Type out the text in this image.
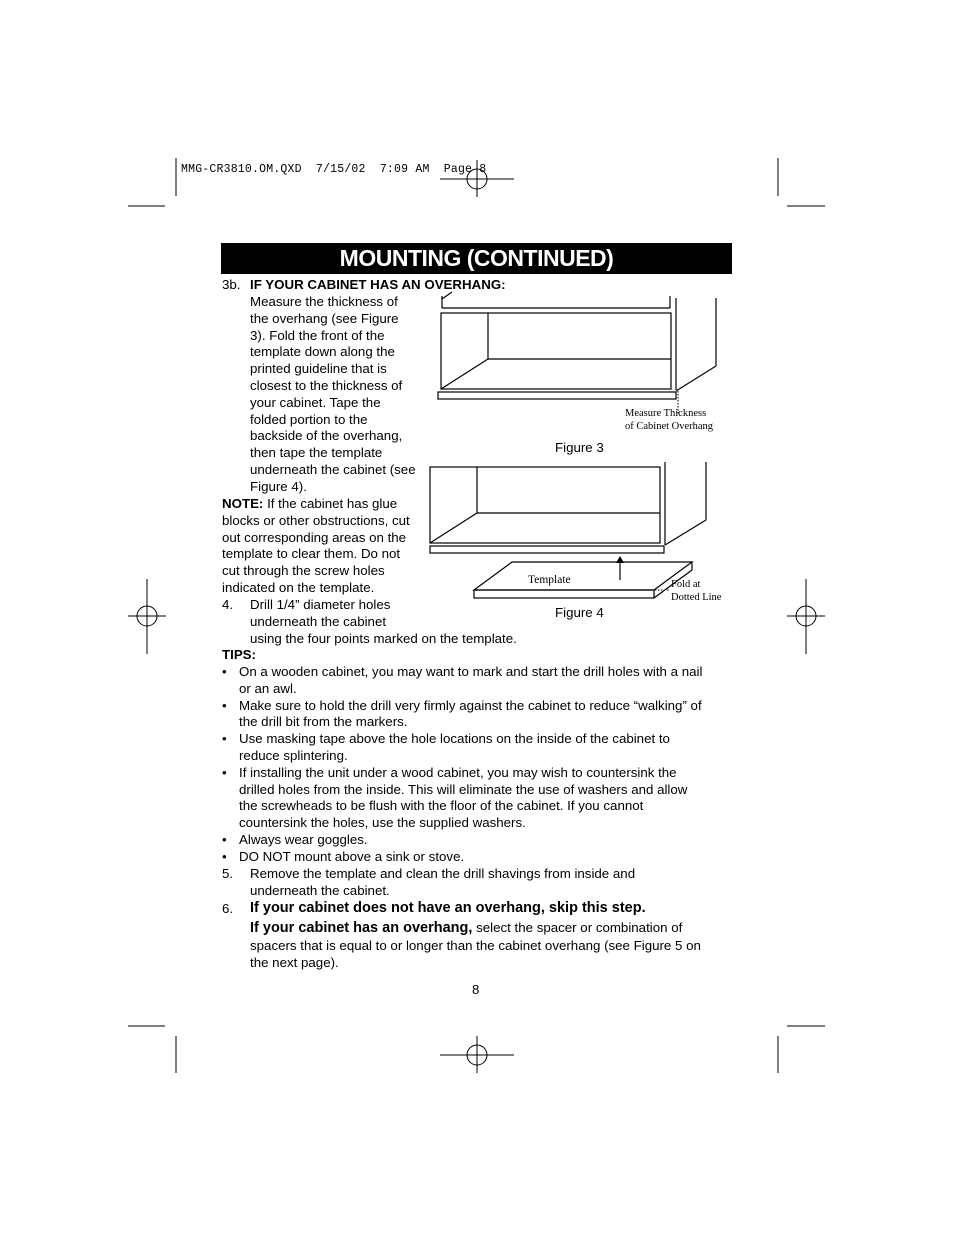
MMG-CR3810.OM.QXD  7/15/02  7:09 AM  Page 8
MOUNTING (CONTINUED)
3b. IF YOUR CABINET HAS AN OVERHANG:
Measure the thickness of
the overhang (see Figure
3). Fold the front of the
template down along the
printed guideline that is
closest to the thickness of
your cabinet. Tape the
folded portion to the
backside of the overhang,
then tape the template
underneath the cabinet (see
Figure 4).
NOTE: If the cabinet has glue
blocks or other obstructions, cut
out corresponding areas on the
template to clear them. Do not
cut through the screw holes
indicated on the template.
4. Drill 1/4” diameter holes
underneath the cabinet
using the four points marked on the template.
TIPS:
• On a wooden cabinet, you may want to mark and start the drill holes with a nail
or an awl.
• Make sure to hold the drill very firmly against the cabinet to reduce “walking” of
the drill bit from the markers.
• Use masking tape above the hole locations on the inside of the cabinet to
reduce splintering.
• If installing the unit under a wood cabinet, you may wish to countersink the
drilled holes from the inside. This will eliminate the use of washers and allow
the screwheads to be flush with the floor of the cabinet. If you cannot
countersink the holes, use the supplied washers.
• Always wear goggles.
• DO NOT mount above a sink or stove.
5. Remove the template and clean the drill shavings from inside and
underneath the cabinet.
6. If your cabinet does not have an overhang, skip this step.
If your cabinet has an overhang, select the spacer or combination of
spacers that is equal to or longer than the cabinet overhang (see Figure 5 on
the next page).
Measure Thickness
of Cabinet Overhang
Figure 3
Template	Fold at
Dotted Line
Figure 4
8
